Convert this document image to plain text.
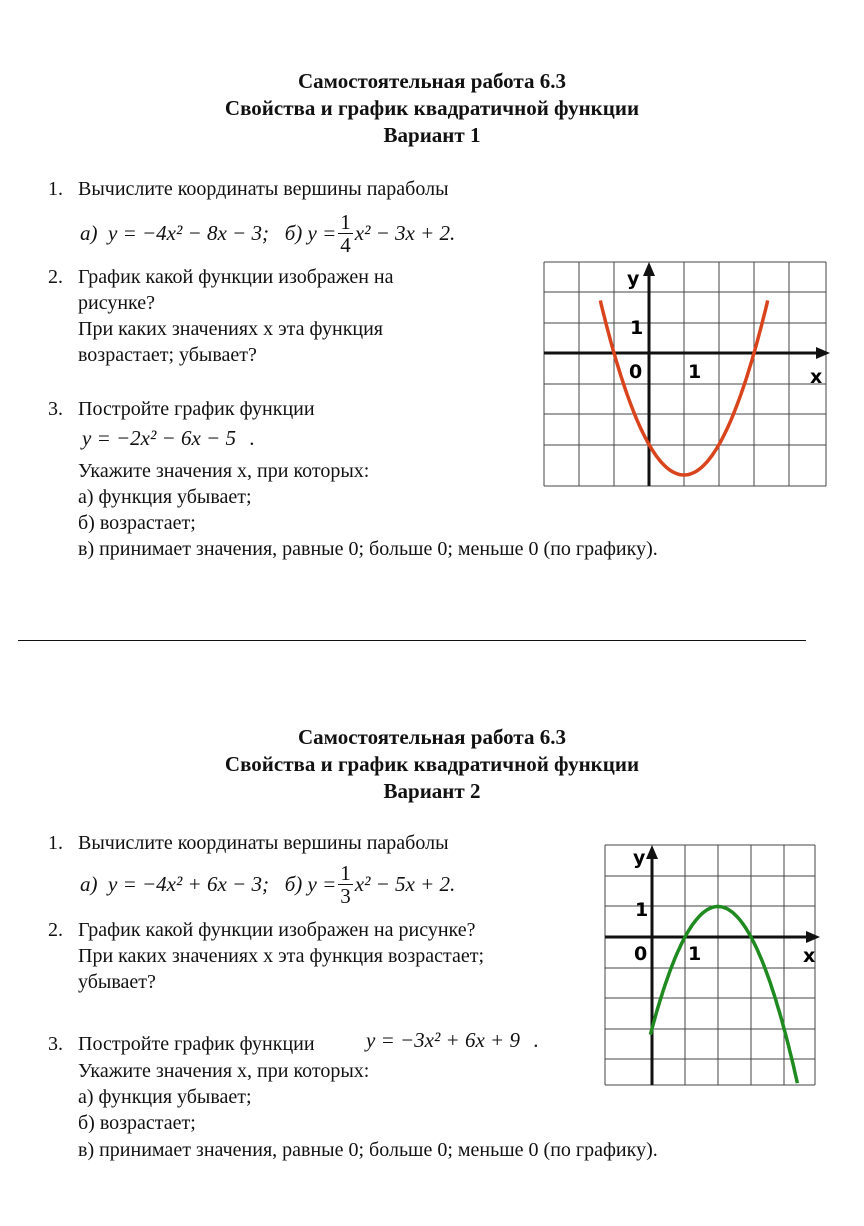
Самостоятельная работа 6.3
Свойства и график квадратичной функции
Вариант 1
1. Вычислите координаты вершины параболы
а)
y = −4x² − 8x − 3;
б)
$y = \frac{1}{4} x^2 - 3x + 2$.
2. График какой функции изображен на
рисунке?
При каких значениях x эта функция
возрастает; убывает?
3. Постройте график функции
y = −2x² − 6x − 5 .
Укажите значения x, при которых:
а) функция убывает;
б) возрастает;
в) принимает значения, равные 0; больше 0; меньше 0 (по графику).
y
x
1
0 1
Самостоятельная работа 6.3
Свойства и график квадратичной функции
Вариант 2
1. Вычислите координаты вершины параболы
а)
y = −4x² + 6x − 3;
б)
$y = \frac{1}{3} x^2 - 5x + 2$.
2. График какой функции изображен на рисунке?
При каких значениях x эта функция возрастает;
убывает?
3. Постройте график функции y = −3x² + 6x + 9 .
Укажите значения x, при которых:
а) функция убывает;
б) возрастает;
в) принимает значения, равные 0; больше 0; меньше 0 (по графику).
y
x
1
0 1
